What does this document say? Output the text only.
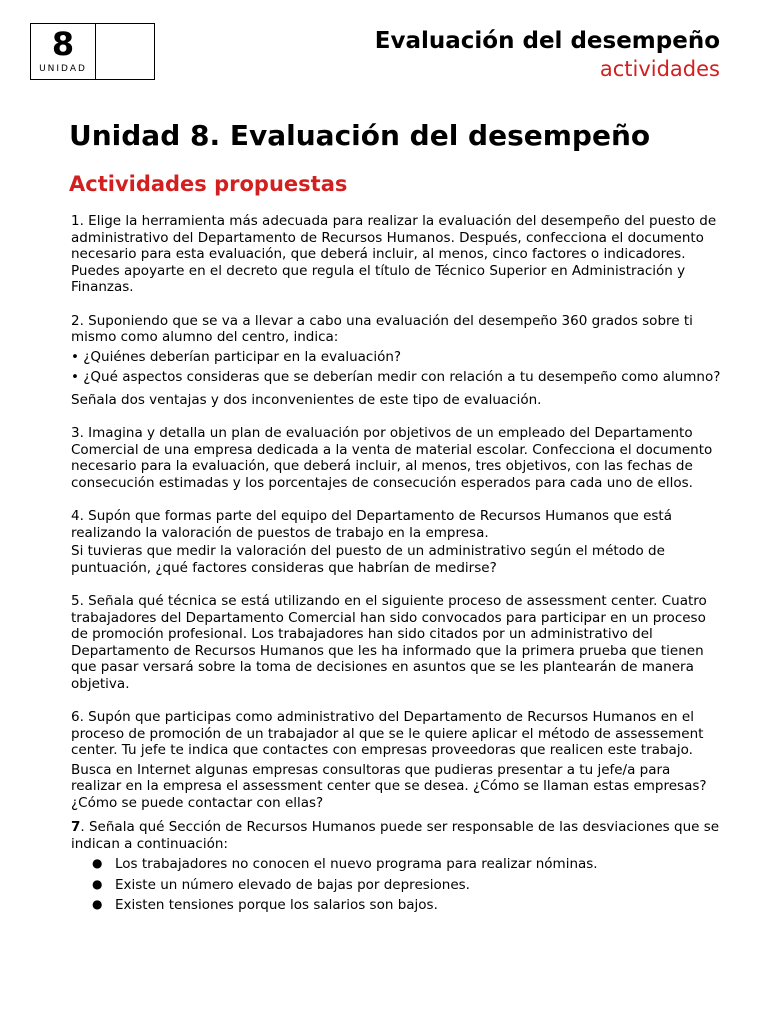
8
UNIDAD
Evaluación del desempeño
actividades
Unidad 8. Evaluación del desempeño
Actividades propuestas

1. Elige la herramienta más adecuada para realizar la evaluación del desempeño del puesto de administrativo del Departamento de Recursos Humanos. Después, confecciona el documento necesario para esta evaluación, que deberá incluir, al menos, cinco factores o indicadores. Puedes apoyarte en el decreto que regula el título de Técnico Superior en Administración y Finanzas.

2. Suponiendo que se va a llevar a cabo una evaluación del desempeño 360 grados sobre ti mismo como alumno del centro, indica:

• ¿Quiénes deberían participar en la evaluación?

• ¿Qué aspectos consideras que se deberían medir con relación a tu desempeño como alumno?

Señala dos ventajas y dos inconvenientes de este tipo de evaluación.

3. Imagina y detalla un plan de evaluación por objetivos de un empleado del Departamento Comercial de una empresa dedicada a la venta de material escolar. Confecciona el documento necesario para la evaluación, que deberá incluir, al menos, tres objetivos, con las fechas de consecución estimadas y los porcentajes de consecución esperados para cada uno de ellos.

4. Supón que formas parte del equipo del Departamento de Recursos Humanos que está realizando la valoración de puestos de trabajo en la empresa.

Si tuvieras que medir la valoración del puesto de un administrativo según el método de puntuación, ¿qué factores consideras que habrían de medirse?

5. Señala qué técnica se está utilizando en el siguiente proceso de assessment center. Cuatro trabajadores del Departamento Comercial han sido convocados para participar en un proceso de promoción profesional. Los trabajadores han sido citados por un administrativo del Departamento de Recursos Humanos que les ha informado que la primera prueba que tienen que pasar versará sobre la toma de decisiones en asuntos que se les plantearán de manera objetiva.

6. Supón que participas como administrativo del Departamento de Recursos Humanos en el proceso de promoción de un trabajador al que se le quiere aplicar el método de assessement center. Tu jefe te indica que contactes con empresas proveedoras que realicen este trabajo.

Busca en Internet algunas empresas consultoras que pudieras presentar a tu jefe/a para realizar en la empresa el assessment center que se desea. ¿Cómo se llaman estas empresas? ¿Cómo se puede contactar con ellas?

7. Señala qué Sección de Recursos Humanos puede ser responsable de las desviaciones que se indican a continuación:

● Los trabajadores no conocen el nuevo programa para realizar nóminas.
● Existe un número elevado de bajas por depresiones.
● Existen tensiones porque los salarios son bajos.
